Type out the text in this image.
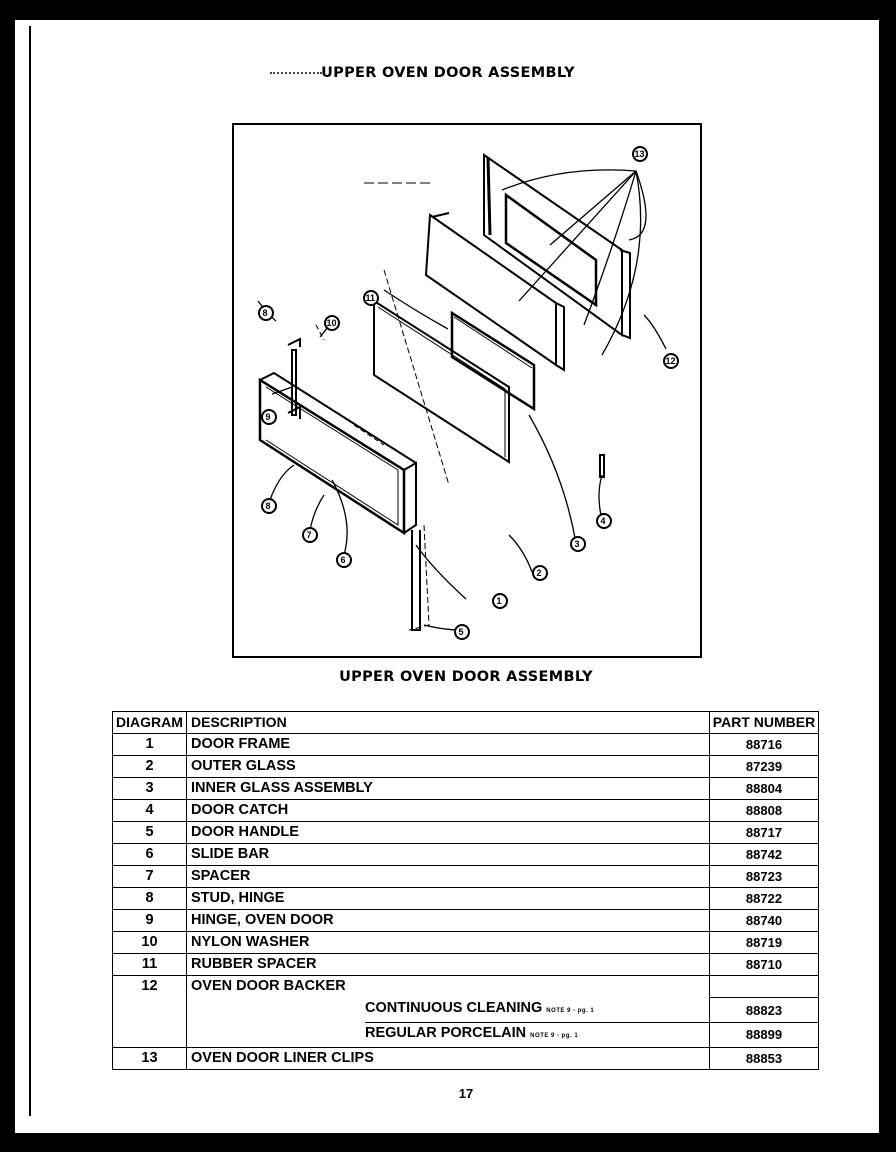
UPPER OVEN DOOR ASSEMBLY
8
10
11
13
12
9
8
7
6
3
4
2
1
5
UPPER OVEN DOOR ASSEMBLY
DIAGRAM	DESCRIPTION	PART NUMBER
1	DOOR FRAME	88716
2	OUTER GLASS	87239
3	INNER GLASS ASSEMBLY	88804
4	DOOR CATCH	88808
5	DOOR HANDLE	88717
6	SLIDE BAR	88742
7	SPACER	88723
8	STUD, HINGE	88722
9	HINGE, OVEN DOOR	88740
10	NYLON WASHER	88719
11	RUBBER SPACER	88710
12	OVEN DOOR BACKER	

	CONTINUOUS CLEANING NOTE 9 - pg. 1	88823
	REGULAR PORCELAIN NOTE 9 - pg. 1	88899
13	OVEN DOOR LINER CLIPS	88853
17
